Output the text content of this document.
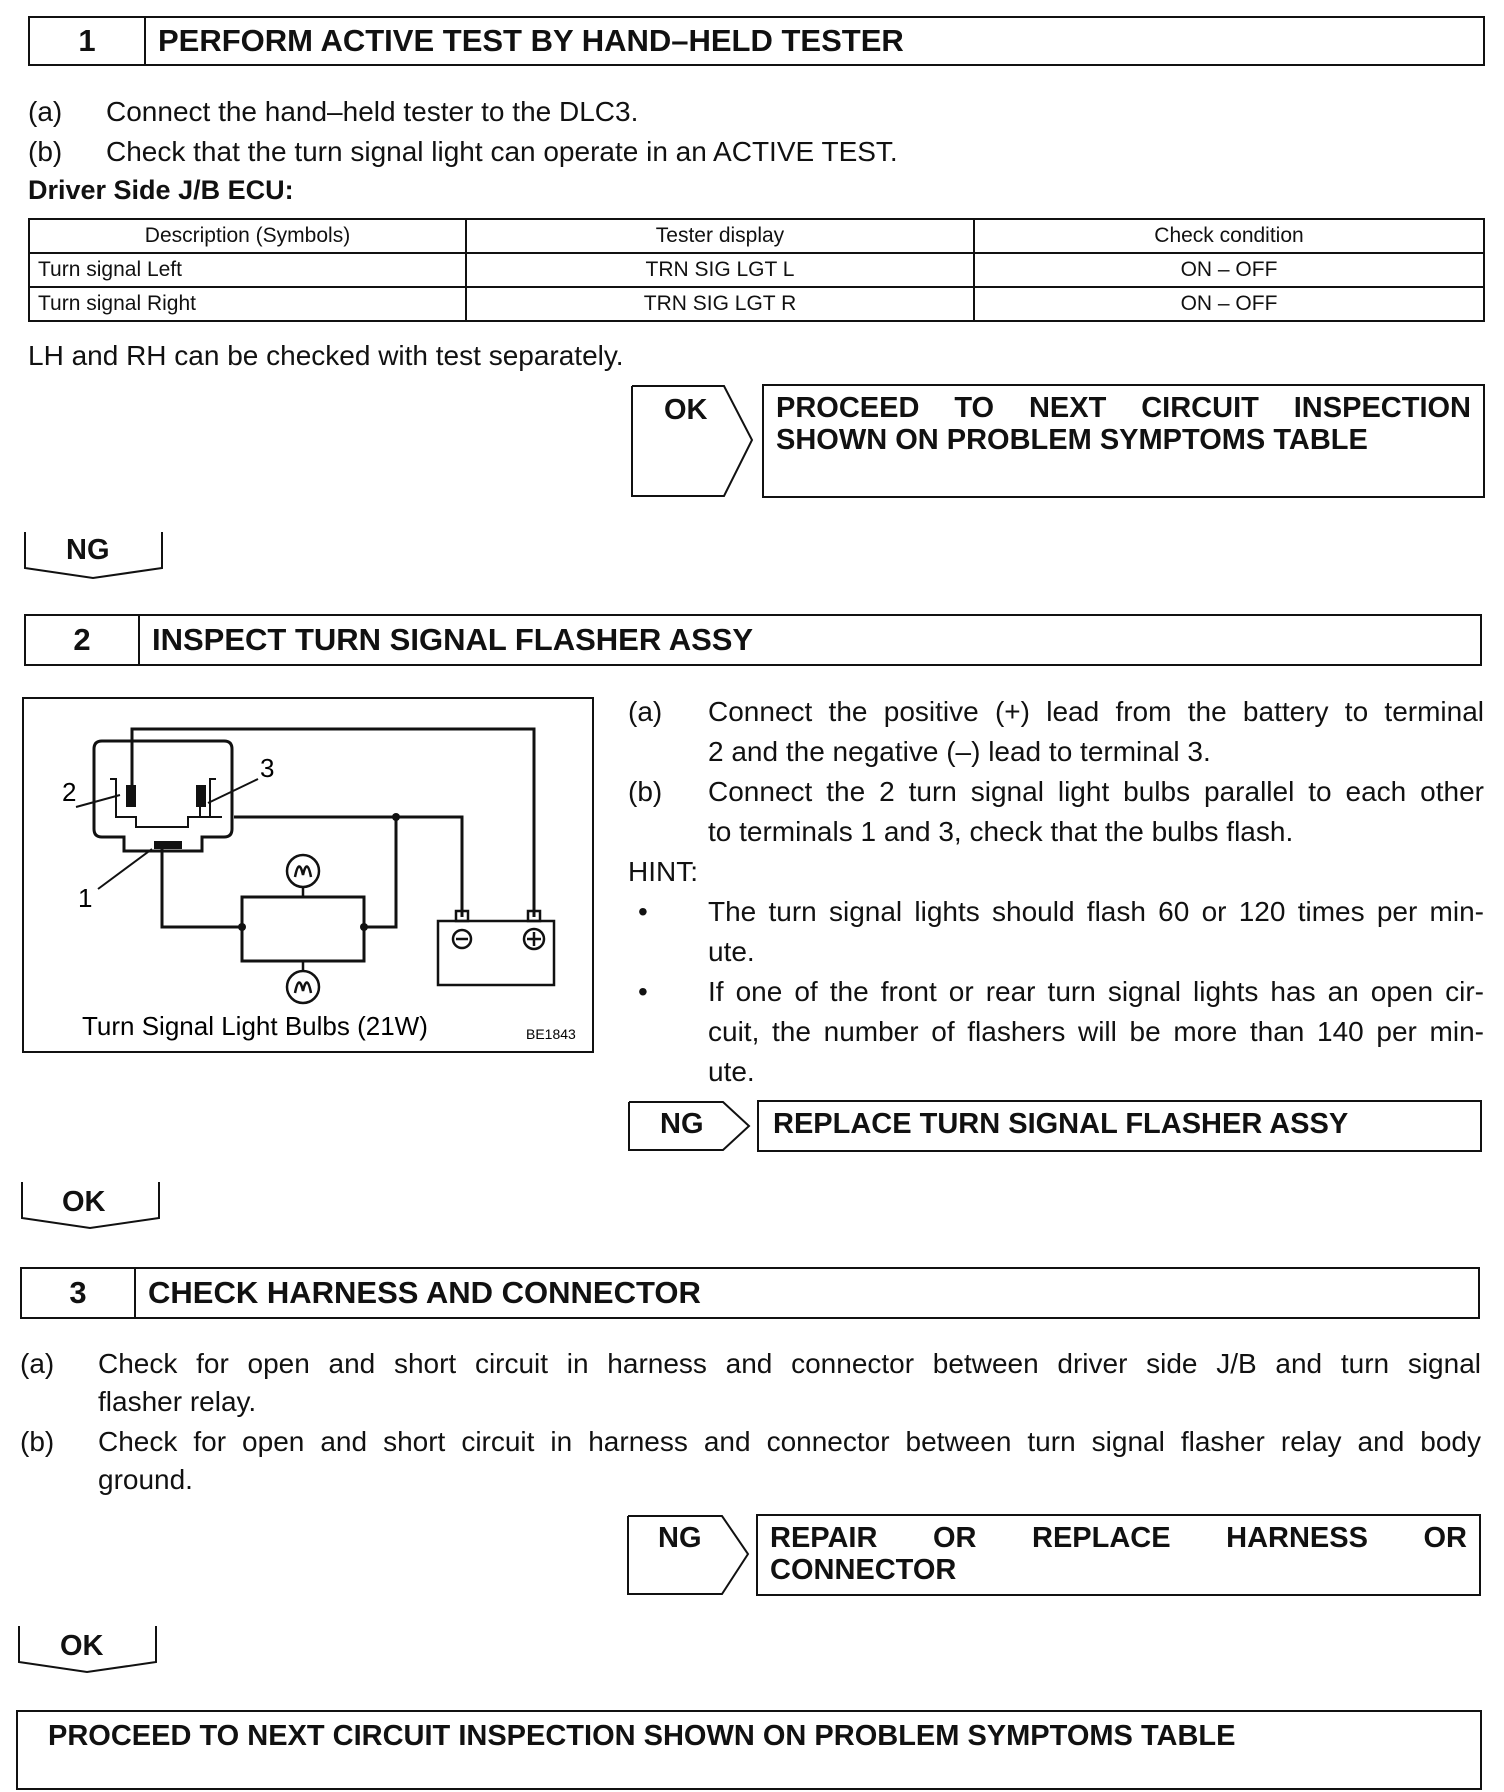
1	PERFORM ACTIVE TEST BY HAND–HELD TESTER
(a) Connect the hand–held tester to the DLC3.
(b) Check that the turn signal light can operate in an ACTIVE TEST.
Driver Side J/B ECU:
Description (Symbols)	Tester display	Check condition
Turn signal Left	TRN SIG LGT L	ON – OFF
Turn signal Right	TRN SIG LGT R	ON – OFF
LH and RH can be checked with test separately.
OK PROCEED TO NEXT CIRCUIT INSPECTION
SHOWN ON PROBLEM SYMPTOMS TABLE
NG
2	INSPECT TURN SIGNAL FLASHER ASSY
2
3
1
Turn Signal Light Bulbs (21W)	BE1843
(a) Connect the positive (+) lead from the battery to terminal
2 and the negative (–) lead to terminal 3.
(b) Connect the 2 turn signal light bulbs parallel to each other
to terminals 1 and 3, check that the bulbs flash.
HINT:
• The turn signal lights should flash 60 or 120 times per min-
ute.
• If one of the front or rear turn signal lights has an open cir-
cuit, the number of flashers will be more than 140 per min-
ute.
NG REPLACE TURN SIGNAL FLASHER ASSY
OK
3	CHECK HARNESS AND CONNECTOR
(a) Check for open and short circuit in harness and connector between driver side J/B and turn signal
flasher relay.
(b) Check for open and short circuit in harness and connector between turn signal flasher relay and body
ground.
NG REPAIR OR REPLACE HARNESS OR
CONNECTOR
OK
PROCEED TO NEXT CIRCUIT INSPECTION SHOWN ON PROBLEM SYMPTOMS TABLE
